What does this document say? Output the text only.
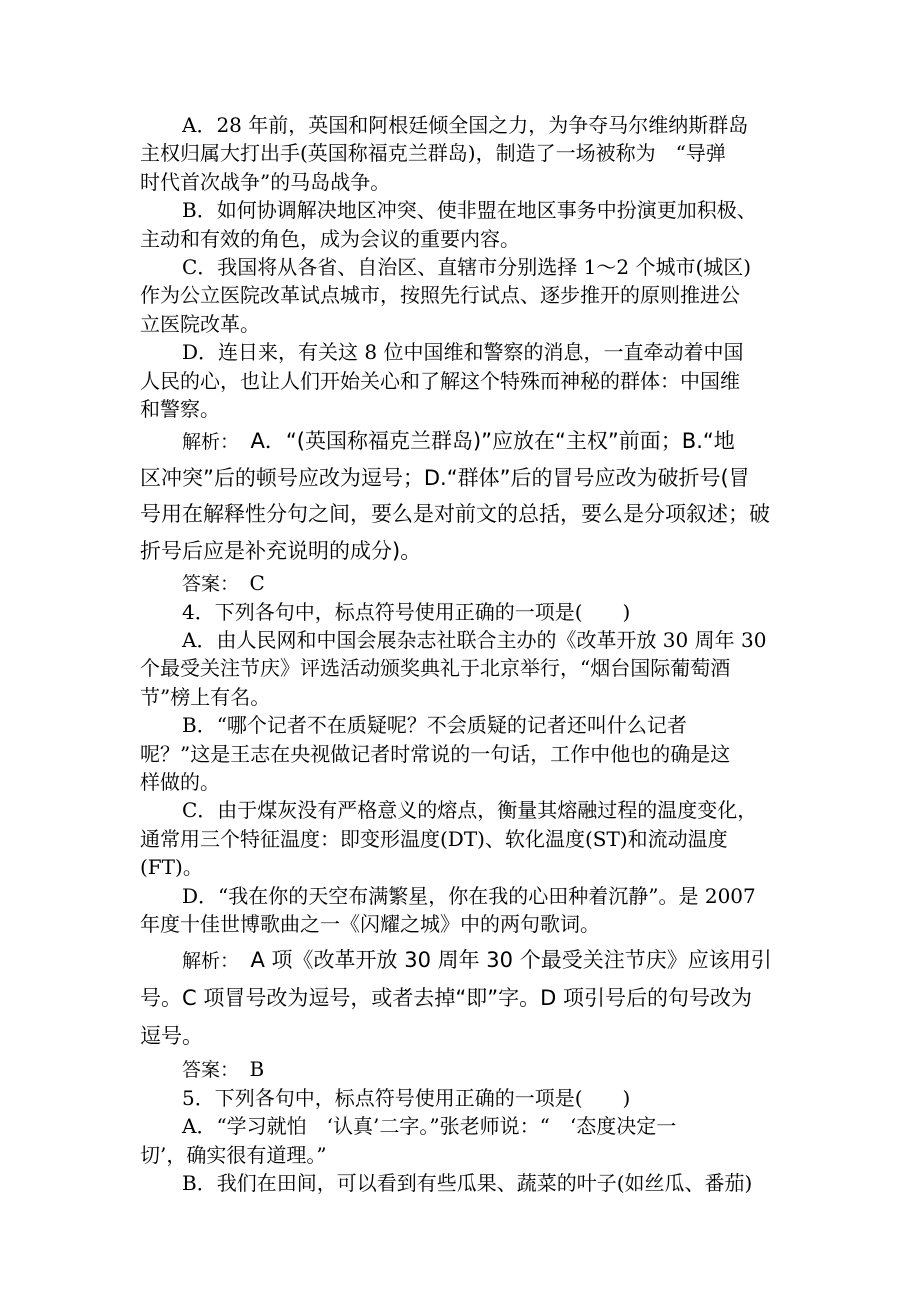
A．28 年前，英国和阿根廷倾全国之力，为争夺马尔维纳斯群岛

主权归属大打出手(英国称福克兰群岛)，制造了一场被称为　“导弹

时代首次战争”的马岛战争。

B．如何协调解决地区冲突、使非盟在地区事务中扮演更加积极、

主动和有效的角色，成为会议的重要内容。

C．我国将从各省、自治区、直辖市分别选择 1～2 个城市(城区)

作为公立医院改革试点城市，按照先行试点、逐步推开的原则推进公

立医院改革。

D．连日来，有关这 8 位中国维和警察的消息，一直牵动着中国

人民的心，也让人们开始关心和了解这个特殊而神秘的群体：中国维

和警察。

解析：　 A．“(英国称福克兰群岛)”应放在“主权”前面；B.“地

区冲突”后的顿号应改为逗号；D.“群体”后的冒号应改为破折号(冒

号用在解释性分句之间，要么是对前文的总括，要么是分项叙述；破

折号后应是补充说明的成分)。

答案：　 C

4．下列各句中，标点符号使用正确的一项是(　　)

A．由人民网和中国会展杂志社联合主办的《改革开放 30 周年 30

个最受关注节庆》评选活动颁奖典礼于北京举行，“烟台国际葡萄酒

节”榜上有名。

B．“哪个记者不在质疑呢？不会质疑的记者还叫什么记者

呢？”这是王志在央视做记者时常说的一句话，工作中他也的确是这

样做的。

C．由于煤灰没有严格意义的熔点，衡量其熔融过程的温度变化，

通常用三个特征温度：即变形温度(DT)、软化温度(ST)和流动温度

(FT)。

D．“我在你的天空布满繁星，你在我的心田种着沉静”。是 2007

年度十佳世博歌曲之一《闪耀之城》中的两句歌词。

解析：　 A 项《改革开放 30 周年 30 个最受关注节庆》应该用引

号。C 项冒号改为逗号，或者去掉“即”字。D 项引号后的句号改为

逗号。

答案：　 B

5．下列各句中，标点符号使用正确的一项是(　　)

A．“学习就怕　‘认真’二字。”张老师说：“　‘态度决定一

切’，确实很有道理。”

B．我们在田间，可以看到有些瓜果、蔬菜的叶子(如丝瓜、番茄)
